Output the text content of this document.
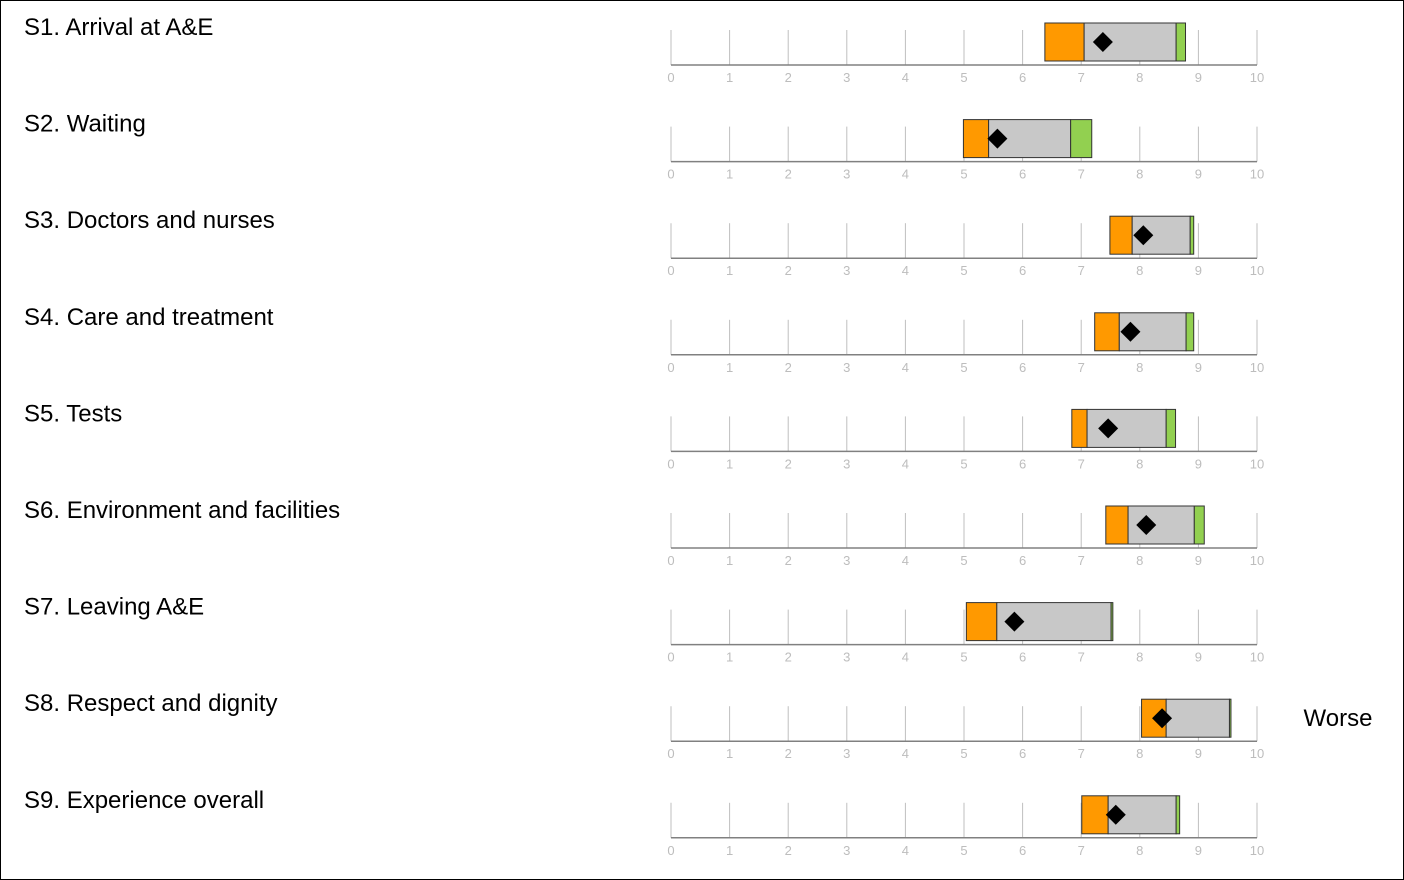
S1. Arrival at A&E
0	1	2	3	4	5	6	7	8	9	10
S2. Waiting
0	1	2	3	4	5	6	7	8	9	10
S3. Doctors and nurses
0	1	2	3	4	5	6	7	8	9	10
S4. Care and treatment
0	1	2	3	4	5	6	7	8	9	10
S5. Tests
0	1	2	3	4	5	6	7	8	9	10
S6. Environment and facilities
0	1	2	3	4	5	6	7	8	9	10
S7. Leaving A&E
0	1	2	3	4	5	6	7	8	9	10
S8. Respect and dignity
0	1	2	3	4	5	6	7	8	9	10
S9. Experience overall
0	1	2	3	4	5	6	7	8	9	10
Worse
